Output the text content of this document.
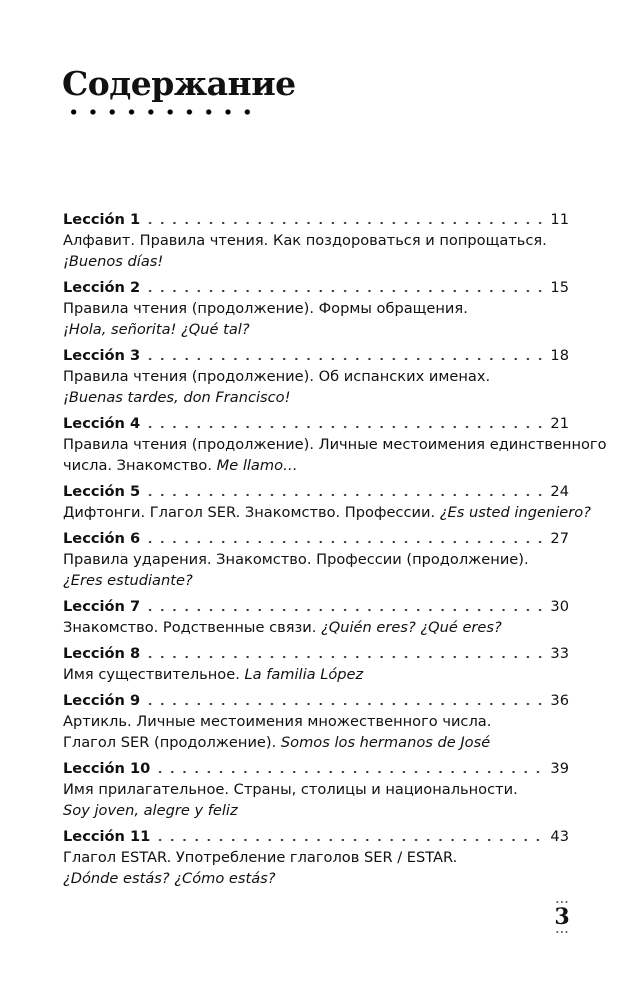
Содержание
Lección 1	11
Алфавит. Правила чтения. Как поздороваться и попрощаться.
¡Buenos días!
Lección 2	15
Правила чтения (продолжение). Формы обращения.
¡Hola, señorita! ¿Qué tal?
Lección 3	18
Правила чтения (продолжение). Об испанских именах.
¡Buenas tardes, don Francisco!
Lección 4	21
Правила чтения (продолжение). Личные местоимения единственного
числа. Знакомство. Me llamo…
Lección 5	24
Дифтонги. Глагол SER. Знакомство. Профессии. ¿Es usted ingeniero?
Lección 6	27
Правила ударения. Знакомство. Профессии (продолжение).
¿Eres estudiante?
Lección 7	30
Знакомство. Родственные связи. ¿Quién eres? ¿Qué eres?
Lección 8	33
Имя существительное. La familia López
Lección 9	36
Артикль. Личные местоимения множественного числа.
Глагол SER (продолжение). Somos los hermanos de José
Lección 10	39
Имя прилагательное. Страны, столицы и национальности.
Soy joven, alegre y feliz
Lección 11	43
Глагол ESTAR. Употребление глаголов SER / ESTAR.
¿Dónde estás? ¿Cómo estás?
3
